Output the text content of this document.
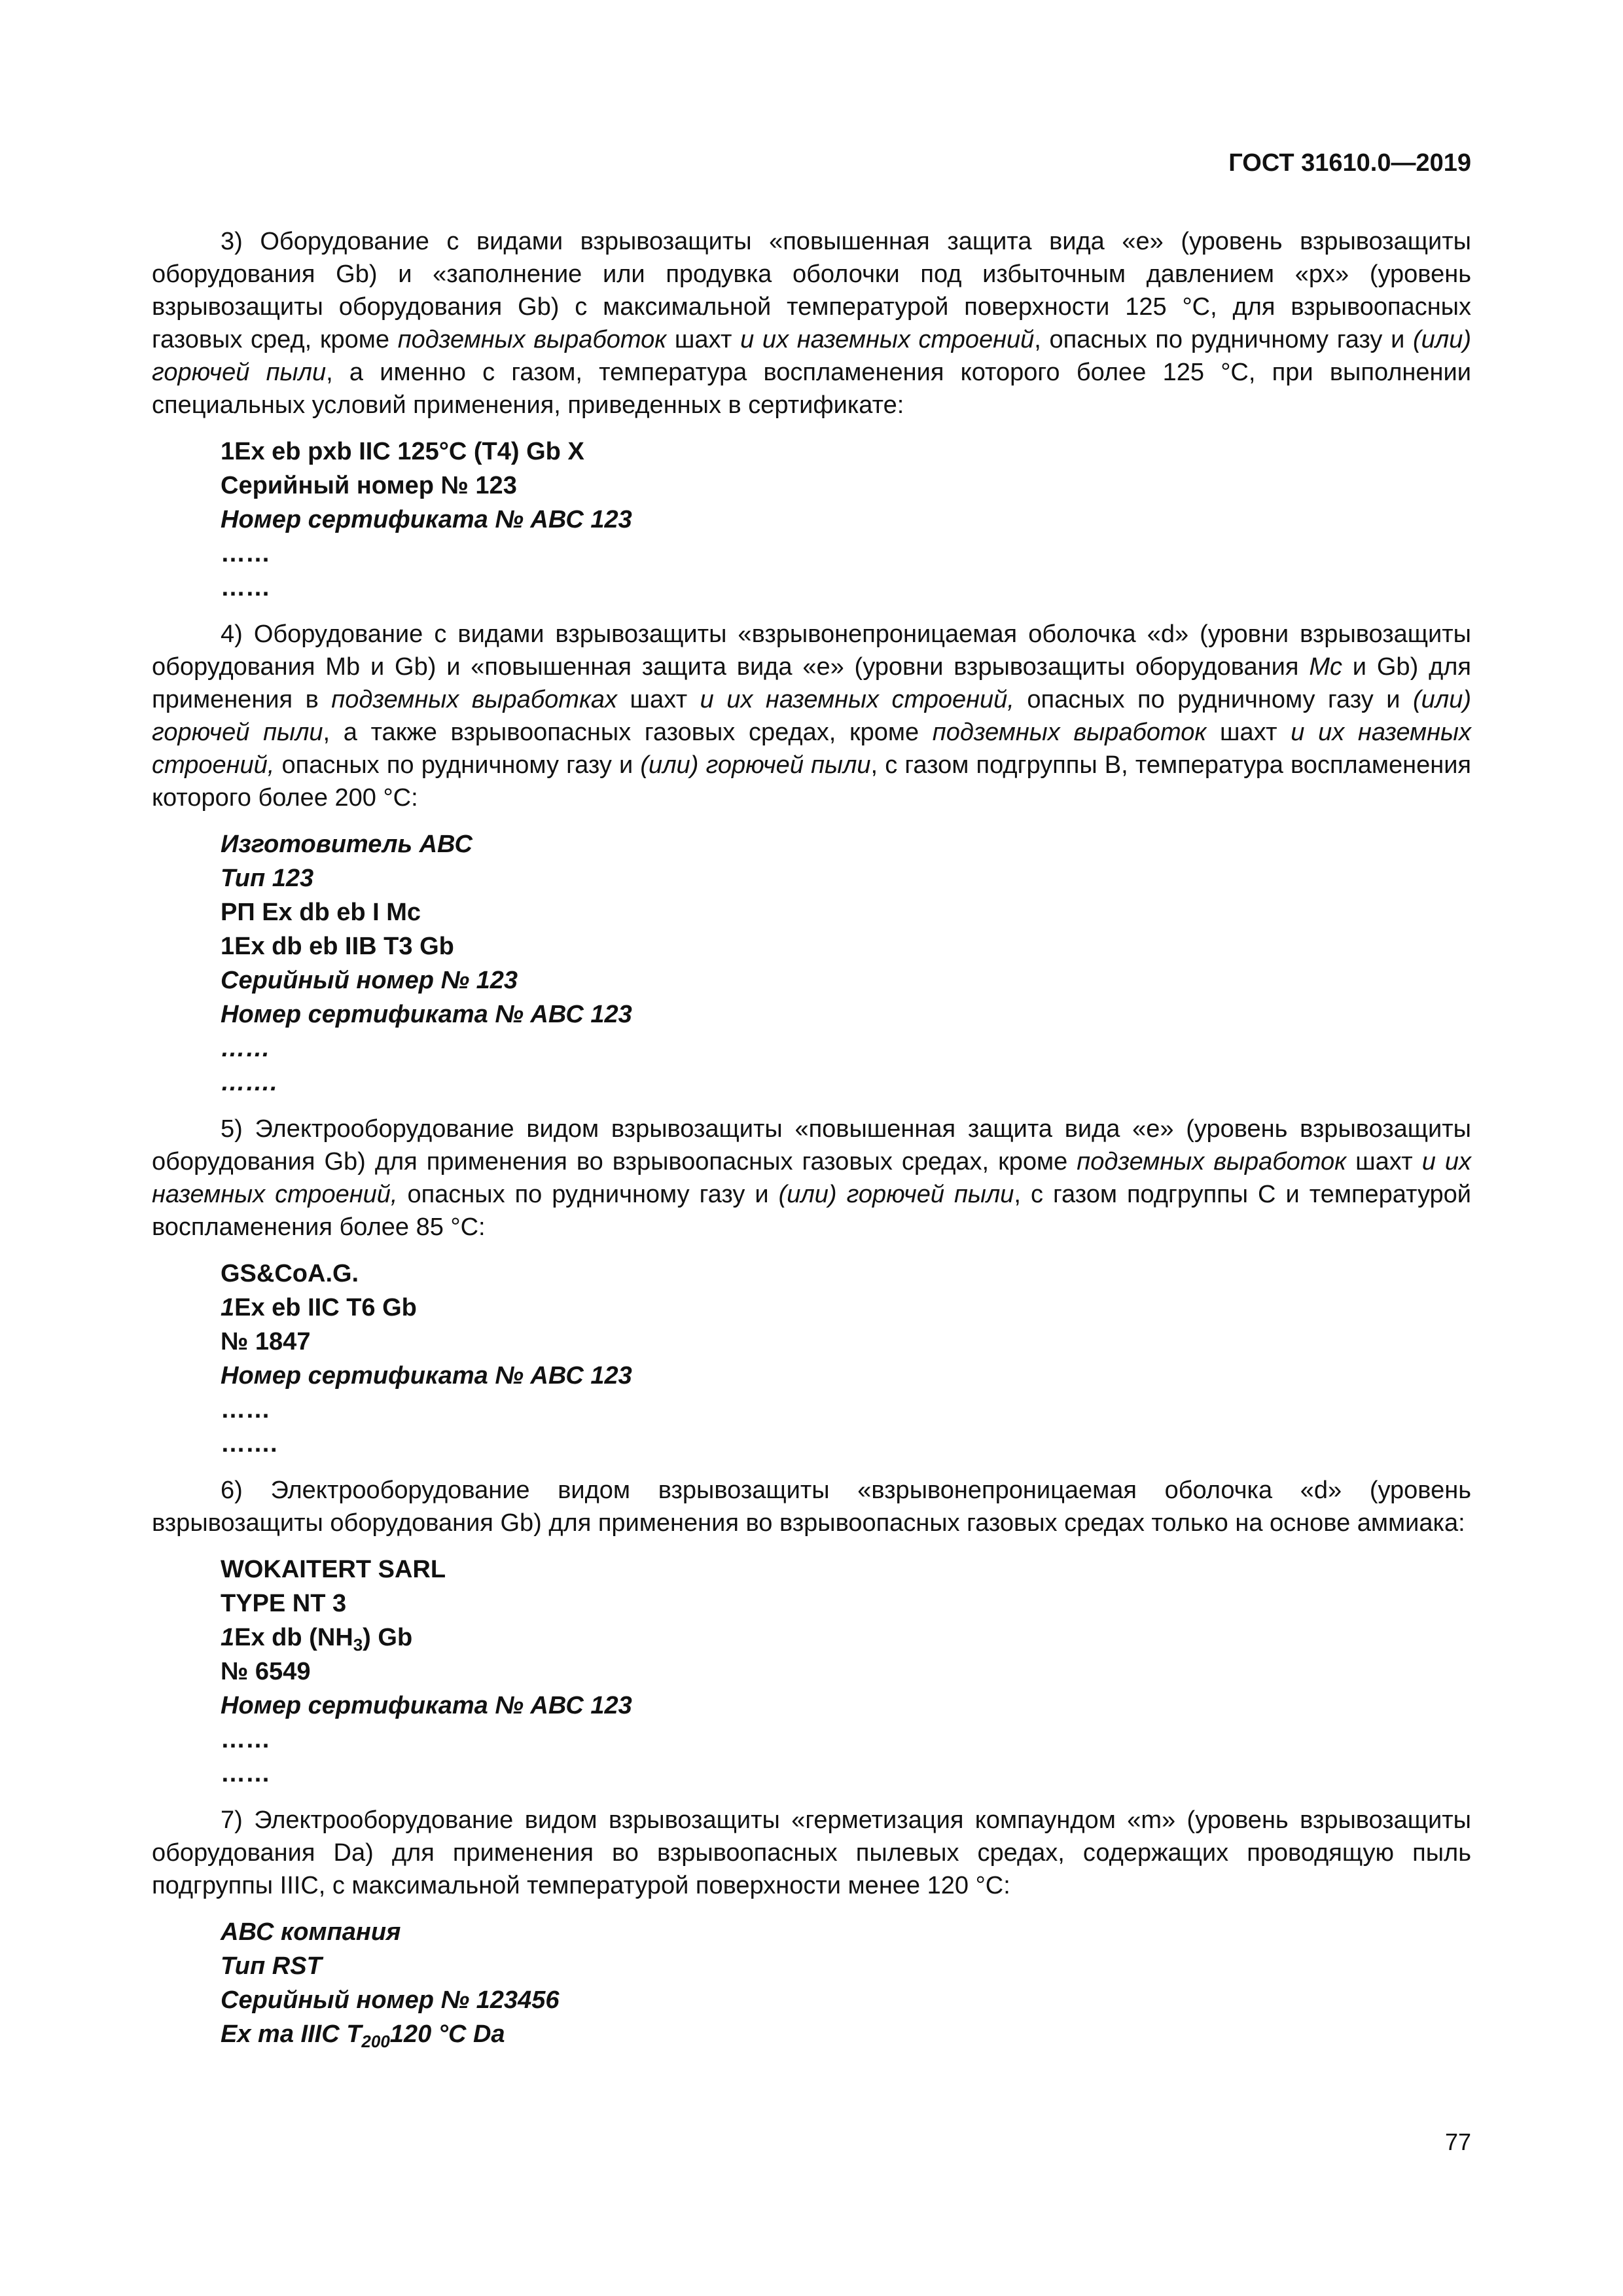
ГОСТ 31610.0—2019

3) Оборудование с видами взрывозащиты «повышенная защита вида «е» (уровень взрывозащиты оборудования Gb) и «заполнение или продувка оболочки под избыточным давлением «px» (уровень взрывозащиты оборудования Gb) с максимальной температурой поверхности 125 °С, для взрывоопасных газовых сред, кроме подземных выработок шахт и их наземных строений, опасных по рудничному газу и (или) горючей пыли, а именно с газом, температура воспламенения которого более 125 °С, при выполнении специальных условий применения, приведенных в сертификате:

1Ex eb pxb IIC 125°C (T4) Gb X
Серийный номер № 123
Номер сертификата № АВС 123
……
……

4) Оборудование с видами взрывозащиты «взрывонепроницаемая оболочка «d» (уровни взрывозащиты оборудования Mb и Gb) и «повышенная защита вида «е» (уровни взрывозащиты оборудования Mc и Gb) для применения в подземных выработках шахт и их наземных строений, опасных по рудничному газу и (или) горючей пыли, а также взрывоопасных газовых средах, кроме подземных выработок шахт и их наземных строений, опасных по рудничному газу и (или) горючей пыли, с газом подгруппы В, температура воспламенения которого более 200 °С:

Изготовитель АВС
Тип 123
РП Ex db eb I Mc
1Ex db eb IIB T3 Gb
Серийный номер № 123
Номер сертификата № АВС 123
……
…….

5) Электрооборудование видом взрывозащиты «повышенная защита вида «е» (уровень взрывозащиты оборудования Gb) для применения во взрывоопасных газовых средах, кроме подземных выработок шахт и их наземных строений, опасных по рудничному газу и (или) горючей пыли, с газом подгруппы С и температурой воспламенения более 85 °С:

GS&CoA.G.
1Ex eb IIC T6 Gb
№ 1847
Номер сертификата № АВС 123
……
…….

6) Электрооборудование видом взрывозащиты «взрывонепроницаемая оболочка «d» (уровень взрывозащиты оборудования Gb) для применения во взрывоопасных газовых средах только на основе аммиака:

WOKAITERT SARL
TYPE NT 3
1Ex db $(NH_3)$ Gb
№ 6549
Номер сертификата № АВС 123
……
……

7) Электрооборудование видом взрывозащиты «герметизация компаундом «m» (уровень взрывозащиты оборудования Da) для применения во взрывоопасных пылевых средах, содержащих проводящую пыль подгруппы IIIC, с максимальной температурой поверхности менее 120 °С:

АВС компания
Тип RST
Серийный номер № 123456
Ex ma IIIC $T_{200}120$ °C Da
77
